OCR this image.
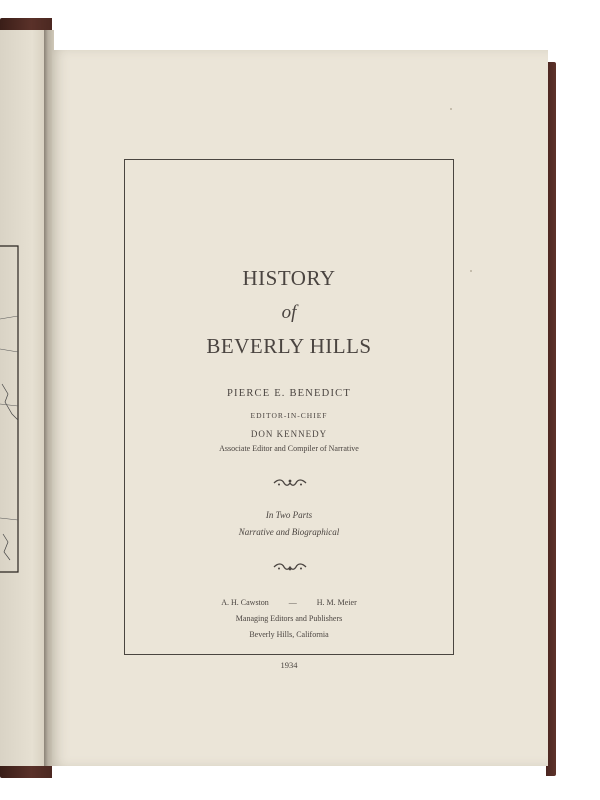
HISTORY
of
BEVERLY HILLS
PIERCE E. BENEDICT
EDITOR-IN-CHIEF
DON KENNEDY
Associate Editor and Compiler of Narrative
In Two Parts
Narrative and Biographical
A. H. Cawston	—	H. M. Meier
Managing Editors and Publishers
Beverly Hills, California
1934
